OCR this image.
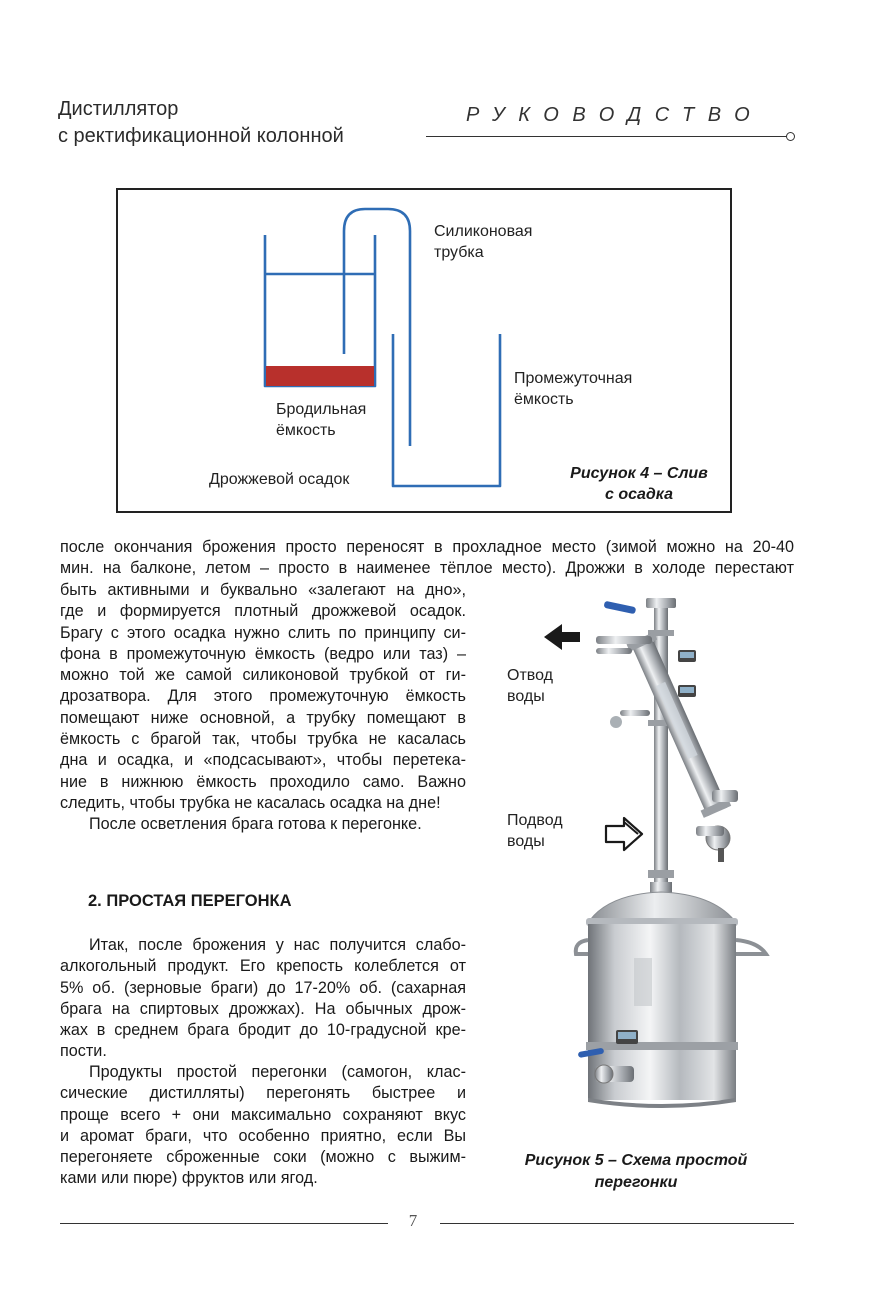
Дистиллятор
с ректификационной колонной
РУКОВОДСТВО
Силиконовая
трубка
Промежуточная
ёмкость
Бродильная
ёмкость
Дрожжевой осадок	Рисунок 4 – Слив
с осадка
после окончания брожения просто переносят в прохладное место (зимой можно на 20-40
мин. на балконе, летом – просто в наименее тёплое место). Дрожжи в холоде перестают
быть активными и буквально «залегают на дно»,
где и формируется плотный дрожжевой осадок.
Брагу с этого осадка нужно слить по принципу си-
фона в промежуточную ёмкость (ведро или таз) –
можно той же самой силиконовой трубкой от ги-
дрозатвора. Для этого промежуточную ёмкость
помещают ниже основной, а трубку помещают в
ёмкость с брагой так, чтобы трубка не касалась
дна и осадка, и «подсасывают», чтобы перетека-
ние в нижнюю ёмкость проходило само. Важно
следить, чтобы трубка не касалась осадка на дне!
После осветления брага готова к перегонке.
2. ПРОСТАЯ ПЕРЕГОНКА
Итак, после брожения у нас получится слабо-
алкогольный продукт. Его крепость колеблется от
5% об. (зерновые браги) до 17-20% об. (сахарная
брага на спиртовых дрожжах). На обычных дрож-
жах в среднем брага бродит до 10-градусной кре-
пости.
Продукты простой перегонки (самогон, клас-
сические дистилляты) перегонять быстрее и
проще всего + они максимально сохраняют вкус
и аромат браги, что особенно приятно, если Вы
перегоняете сброженные соки (можно с выжим-
ками или пюре) фруктов или ягод.
Отвод
воды
Подвод
воды
Рисунок 5 – Схема простой
перегонки
7
